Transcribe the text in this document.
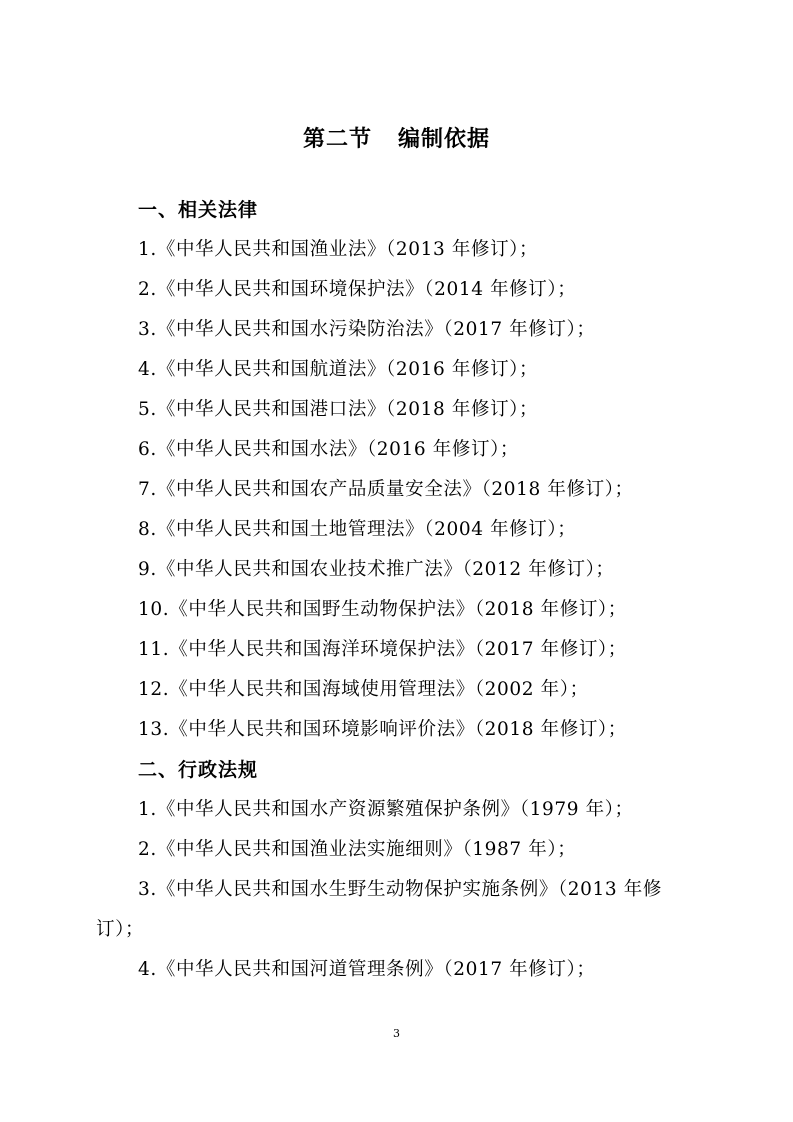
第二节 编制依据
一、相关法律
1.《中华人民共和国渔业法》（2013 年修订）；
2.《中华人民共和国环境保护法》（2014 年修订）；
3.《中华人民共和国水污染防治法》（2017 年修订）；
4.《中华人民共和国航道法》（2016 年修订）；
5.《中华人民共和国港口法》（2018 年修订）；
6.《中华人民共和国水法》（2016 年修订）；
7.《中华人民共和国农产品质量安全法》（2018 年修订）；
8.《中华人民共和国土地管理法》（2004 年修订）；
9.《中华人民共和国农业技术推广法》（2012 年修订）；
10.《中华人民共和国野生动物保护法》（2018 年修订）；
11.《中华人民共和国海洋环境保护法》（2017 年修订）；
12.《中华人民共和国海域使用管理法》（2002 年）；
13.《中华人民共和国环境影响评价法》（2018 年修订）；
二、行政法规
1.《中华人民共和国水产资源繁殖保护条例》（1979 年）；
2.《中华人民共和国渔业法实施细则》（1987 年）；
3.《中华人民共和国水生野生动物保护实施条例》（2013 年修订）；
4.《中华人民共和国河道管理条例》（2017 年修订）；
3
